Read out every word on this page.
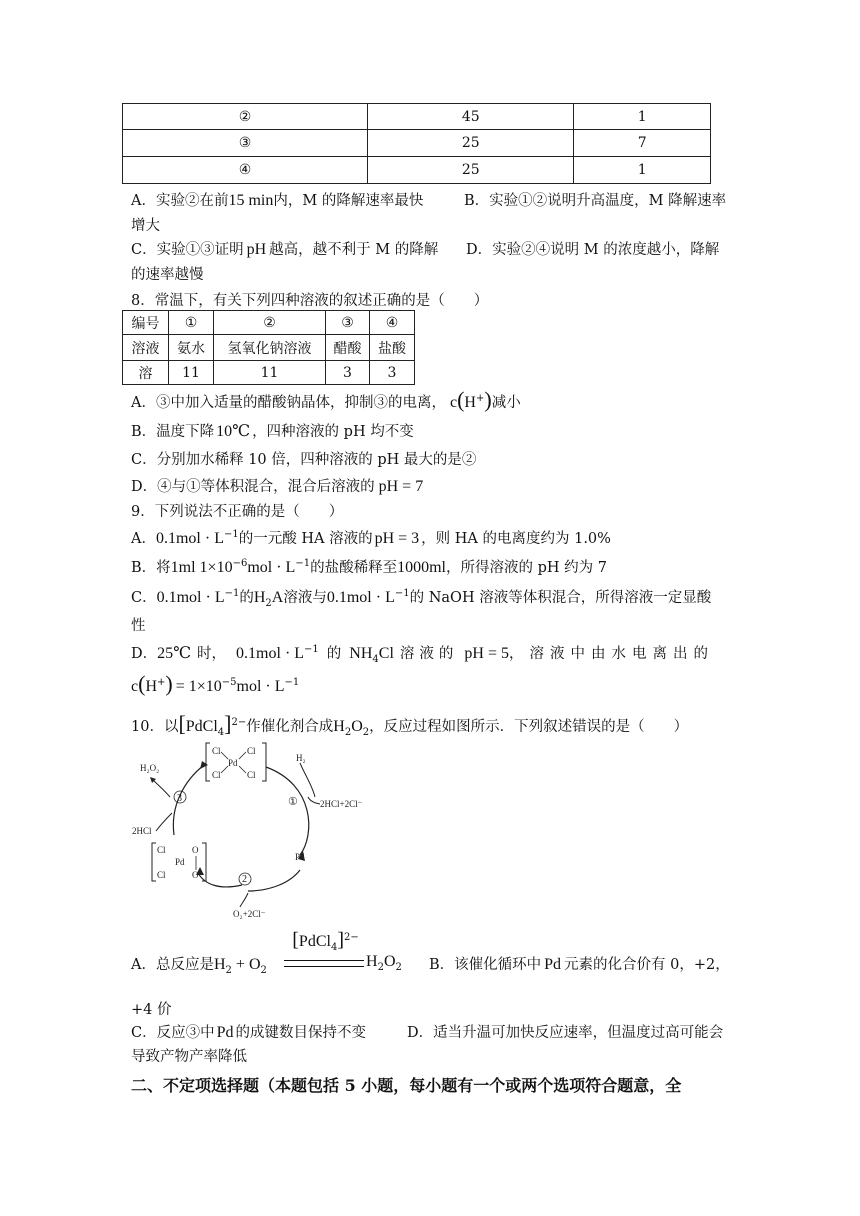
②	45	1
③	25	7
④	25	1
A．实验②在前15 min内，M 的降解速率最快	B．实验①②说明升高温度，M 降解速率
增大
C．实验①③证明 pH 越高，越不利于 M 的降解 D．实验②④说明 M 的浓度越小，降解
的速率越慢
8．常温下，有关下列四种溶液的叙述正确的是（　　）
编号	①	②	③	④
溶液	氨水	氢氧化钠溶液	醋酸	盐酸
溶	11	11	3	3
A．③中加入适量的醋酸钠晶体，抑制③的电离， c(H+)减小
B．温度下降 10℃ ，四种溶液的 pH 均不变
C．分别加水稀释 10 倍，四种溶液的 pH 最大的是②
D．④与①等体积混合，混合后溶液的 pH = 7
9．下列说法不正确的是（　　）
A．$0.1mol \cdot L^{-1}$的一元酸 HA 溶液的 pH = 3 ，则 HA 的电离度约为 1.0%
B．将1ml $1\times 10^{-6}mol \cdot L^{-1}$的盐酸稀释至1000ml，所得溶液的 pH 约为 7
C．$0.1mol \cdot L^{-1}$的$H_2A$溶液与$0.1mol \cdot L^{-1}$的 NaOH 溶液等体积混合，所得溶液一定显酸
性
D．25℃ 时， $0.1mol \cdot L^{-1}$ 的 $NH_4Cl$ 溶液的 pH = 5，溶液中由水电离出的
$c(H^+) = 1\times 10^{-5}mol \cdot L^{-1}$
10．以[PdCl$_4$]$^{2-}$作催化剂合成$H_2O_2$，反应过程如图所示．下列叙述错误的是（　　）
Cl	Cl
Pd
Cl	Cl
H₂
2HCl+2Cl⁻
①
Pd
2
O₂+2Cl⁻
Cl
Pd
Cl
O
O
3
H₂O₂
2HCl
A．总反应是$H_2 + O_2$
[PdCl$_4$]$^{2-}$
$H_2O_2$ B．该催化循环中 Pd 元素的化合价有 0，+2，
+4 价
C．反应③中 Pd 的成键数目保持不变	D．适当升温可加快反应速率，但温度过高可能会
导致产物产率降低
二、不定项选择题（本题包括 5 小题，每小题有一个或两个选项符合题意，全
